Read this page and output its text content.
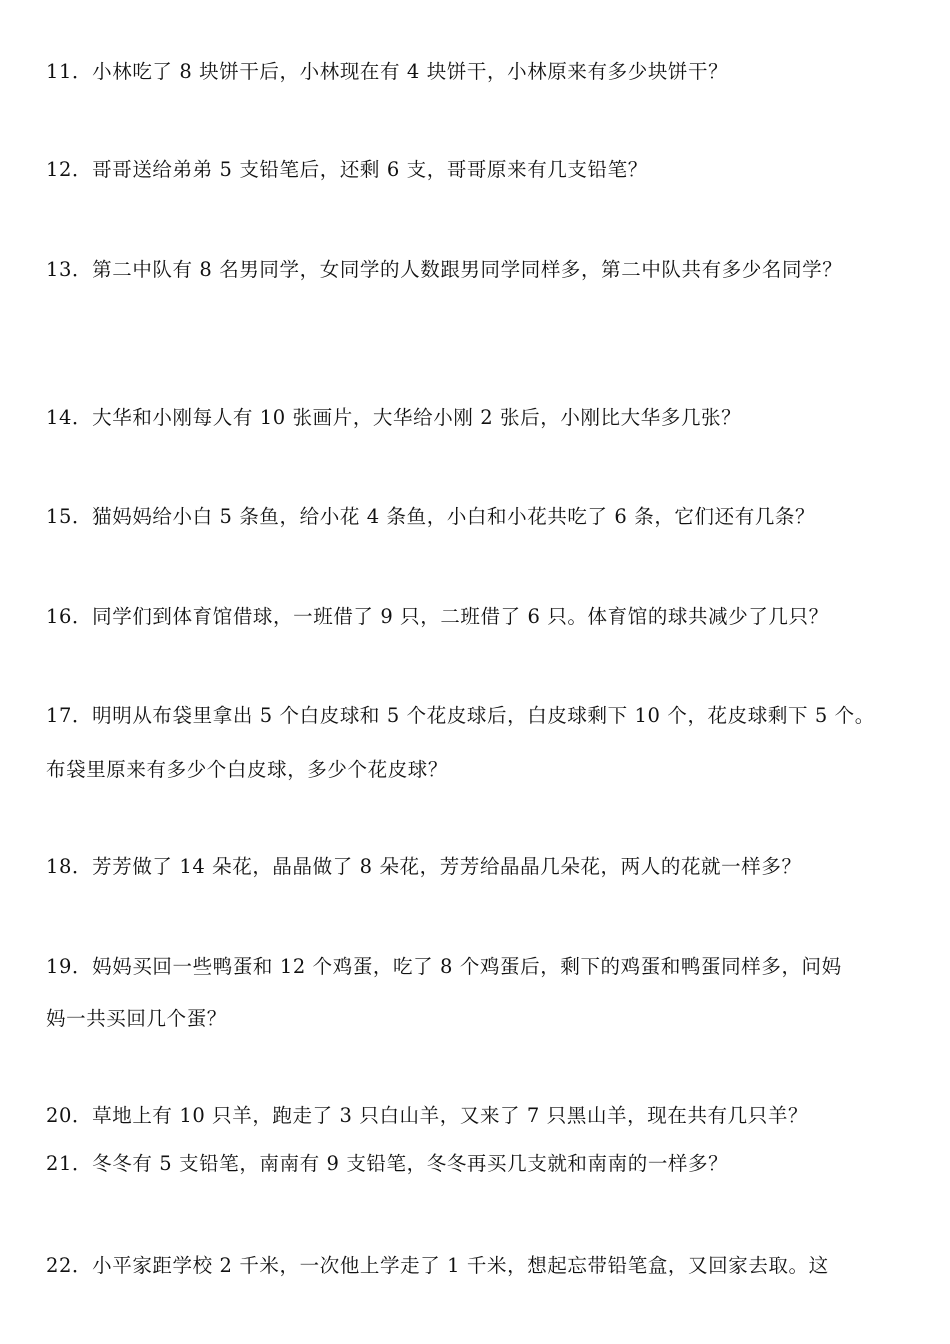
11．小林吃了 8 块饼干后，小林现在有 4 块饼干，小林原来有多少块饼干？
12．哥哥送给弟弟 5 支铅笔后，还剩 6 支，哥哥原来有几支铅笔？
13．第二中队有 8 名男同学，女同学的人数跟男同学同样多，第二中队共有多少名同学？
14．大华和小刚每人有 10 张画片，大华给小刚 2 张后，小刚比大华多几张？
15．猫妈妈给小白 5 条鱼，给小花 4 条鱼，小白和小花共吃了 6 条，它们还有几条？
16．同学们到体育馆借球，一班借了 9 只，二班借了 6 只。体育馆的球共减少了几只？
17．明明从布袋里拿出 5 个白皮球和 5 个花皮球后，白皮球剩下 10 个，花皮球剩下 5 个。
布袋里原来有多少个白皮球，多少个花皮球？
18．芳芳做了 14 朵花，晶晶做了 8 朵花，芳芳给晶晶几朵花，两人的花就一样多？
19．妈妈买回一些鸭蛋和 12 个鸡蛋，吃了 8 个鸡蛋后，剩下的鸡蛋和鸭蛋同样多，问妈
妈一共买回几个蛋？
20．草地上有 10 只羊，跑走了 3 只白山羊，又来了 7 只黑山羊，现在共有几只羊？
21．冬冬有 5 支铅笔，南南有 9 支铅笔，冬冬再买几支就和南南的一样多？
22．小平家距学校 2 千米，一次他上学走了 1 千米，想起忘带铅笔盒，又回家去取。这
